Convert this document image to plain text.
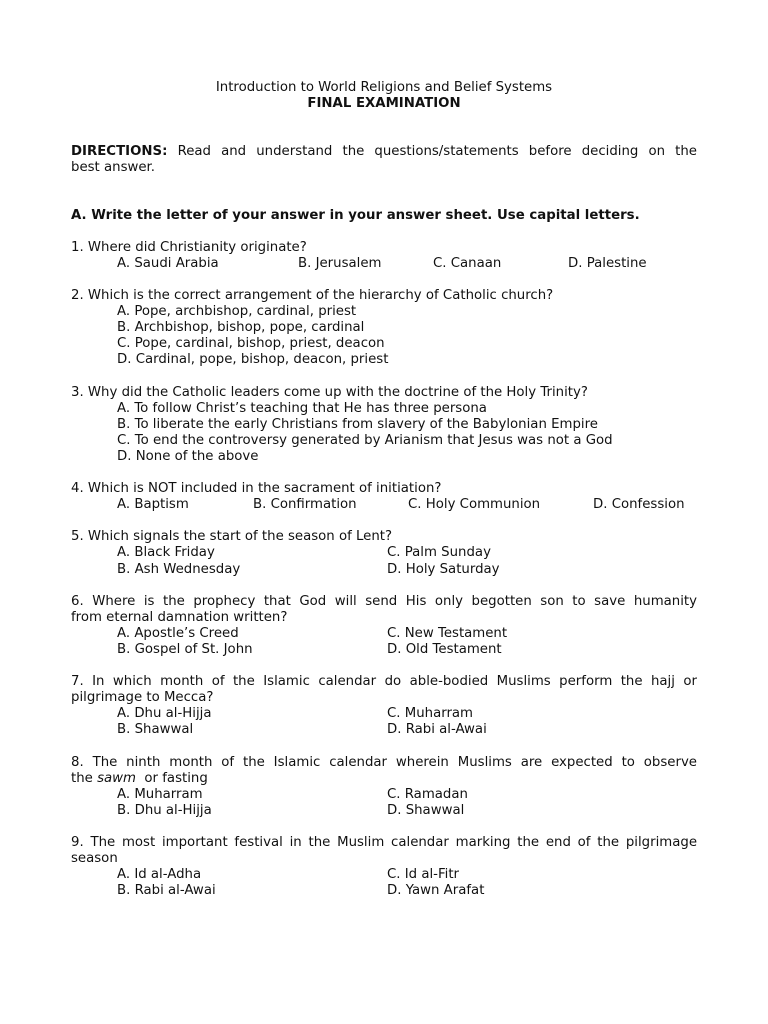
Introduction to World Religions and Belief Systems
FINAL EXAMINATION
DIRECTIONS: Read and understand the questions/statements before deciding on the
best answer.
A. Write the letter of your answer in your answer sheet. Use capital letters.
1. Where did Christianity originate?
A. Saudi Arabia	B. Jerusalem	C. Canaan	D. Palestine
2. Which is the correct arrangement of the hierarchy of Catholic church?
A. Pope, archbishop, cardinal, priest
B. Archbishop, bishop, pope, cardinal
C. Pope, cardinal, bishop, priest, deacon
D. Cardinal, pope, bishop, deacon, priest
3. Why did the Catholic leaders come up with the doctrine of the Holy Trinity?
A. To follow Christ’s teaching that He has three persona
B. To liberate the early Christians from slavery of the Babylonian Empire
C. To end the controversy generated by Arianism that Jesus was not a God
D. None of the above
4. Which is NOT included in the sacrament of initiation?
A. Baptism	B. Confirmation	C. Holy Communion	D. Confession
5. Which signals the start of the season of Lent?
A. Black Friday	C. Palm Sunday
B. Ash Wednesday	D. Holy Saturday
6. Where is the prophecy that God will send His only begotten son to save humanity
from eternal damnation written?
A. Apostle’s Creed	C. New Testament
B. Gospel of St. John	D. Old Testament
7. In which month of the Islamic calendar do able-bodied Muslims perform the hajj or
pilgrimage to Mecca?
A. Dhu al-Hijja	C. Muharram
B. Shawwal	D. Rabi al-Awai
8. The ninth month of the Islamic calendar wherein Muslims are expected to observe
the sawm  or fasting
A. Muharram	C. Ramadan
B. Dhu al-Hijja	D. Shawwal
9. The most important festival in the Muslim calendar marking the end of the pilgrimage
season
A. Id al-Adha	C. Id al-Fitr
B. Rabi al-Awai	D. Yawn Arafat
